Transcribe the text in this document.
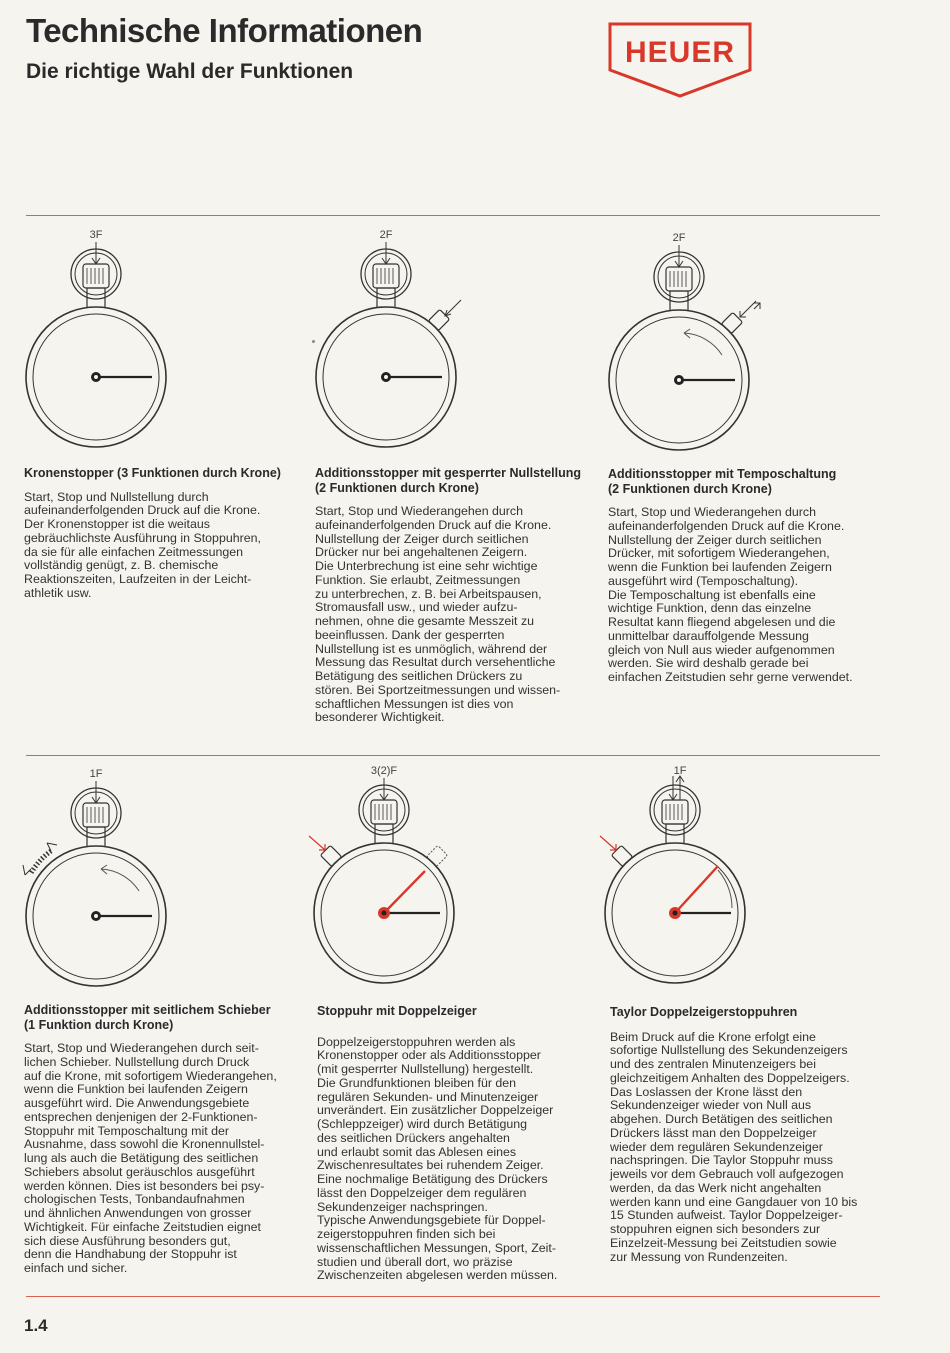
Technische Informationen
Die richtige Wahl der Funktionen
HEUER
3F	2F	2F
1F	3(2)F	1F
Kronenstopper (3 Funktionen durch Krone)

Start, Stop und Nullstellung durch
aufeinanderfolgenden Druck auf die Krone.
Der Kronenstopper ist die weitaus
gebräuchlichste Ausführung in Stoppuhren,
da sie für alle einfachen Zeitmessungen
vollständig genügt, z. B. chemische
Reaktionszeiten, Laufzeiten in der Leicht-
athletik usw.

Additionsstopper mit gesperrter Nullstellung
(2 Funktionen durch Krone)

Start, Stop und Wiederangehen durch
aufeinanderfolgenden Druck auf die Krone.
Nullstellung der Zeiger durch seitlichen
Drücker nur bei angehaltenen Zeigern.
Die Unterbrechung ist eine sehr wichtige
Funktion. Sie erlaubt, Zeitmessungen
zu unterbrechen, z. B. bei Arbeitspausen,
Stromausfall usw., und wieder aufzu-
nehmen, ohne die gesamte Messzeit zu
beeinflussen. Dank der gesperrten
Nullstellung ist es unmöglich, während der
Messung das Resultat durch versehentliche
Betätigung des seitlichen Drückers zu
stören. Bei Sportzeitmessungen und wissen-
schaftlichen Messungen ist dies von
besonderer Wichtigkeit.

Additionsstopper mit Temposchaltung
(2 Funktionen durch Krone)

Start, Stop und Wiederangehen durch
aufeinanderfolgenden Druck auf die Krone.
Nullstellung der Zeiger durch seitlichen
Drücker, mit sofortigem Wiederangehen,
wenn die Funktion bei laufenden Zeigern
ausgeführt wird (Temposchaltung).
Die Temposchaltung ist ebenfalls eine
wichtige Funktion, denn das einzelne
Resultat kann fliegend abgelesen und die
unmittelbar darauffolgende Messung
gleich von Null aus wieder aufgenommen
werden. Sie wird deshalb gerade bei
einfachen Zeitstudien sehr gerne verwendet.

Additionsstopper mit seitlichem Schieber
(1 Funktion durch Krone)

Start, Stop und Wiederangehen durch seit-
lichen Schieber. Nullstellung durch Druck
auf die Krone, mit sofortigem Wiederangehen,
wenn die Funktion bei laufenden Zeigern
ausgeführt wird. Die Anwendungsgebiete
entsprechen denjenigen der 2-Funktionen-
Stoppuhr mit Temposchaltung mit der
Ausnahme, dass sowohl die Kronennullstel-
lung als auch die Betätigung des seitlichen
Schiebers absolut geräuschlos ausgeführt
werden können. Dies ist besonders bei psy-
chologischen Tests, Tonbandaufnahmen
und ähnlichen Anwendungen von grosser
Wichtigkeit. Für einfache Zeitstudien eignet
sich diese Ausführung besonders gut,
denn die Handhabung der Stoppuhr ist
einfach und sicher.

Stoppuhr mit Doppelzeiger

Doppelzeigerstoppuhren werden als
Kronenstopper oder als Additionsstopper
(mit gesperrter Nullstellung) hergestellt.
Die Grundfunktionen bleiben für den
regulären Sekunden- und Minutenzeiger
unverändert. Ein zusätzlicher Doppelzeiger
(Schleppzeiger) wird durch Betätigung
des seitlichen Drückers angehalten
und erlaubt somit das Ablesen eines
Zwischenresultates bei ruhendem Zeiger.
Eine nochmalige Betätigung des Drückers
lässt den Doppelzeiger dem regulären
Sekundenzeiger nachspringen.
Typische Anwendungsgebiete für Doppel-
zeigerstoppuhren finden sich bei
wissenschaftlichen Messungen, Sport, Zeit-
studien und überall dort, wo präzise
Zwischenzeiten abgelesen werden müssen.

Taylor Doppelzeigerstoppuhren

Beim Druck auf die Krone erfolgt eine
sofortige Nullstellung des Sekundenzeigers
und des zentralen Minutenzeigers bei
gleichzeitigem Anhalten des Doppelzeigers.
Das Loslassen der Krone lässt den
Sekundenzeiger wieder von Null aus
abgehen. Durch Betätigen des seitlichen
Drückers lässt man den Doppelzeiger
wieder dem regulären Sekundenzeiger
nachspringen. Die Taylor Stoppuhr muss
jeweils vor dem Gebrauch voll aufgezogen
werden, da das Werk nicht angehalten
werden kann und eine Gangdauer von 10 bis
15 Stunden aufweist. Taylor Doppelzeiger-
stoppuhren eignen sich besonders zur
Einzelzeit-Messung bei Zeitstudien sowie
zur Messung von Rundenzeiten.

1.4
